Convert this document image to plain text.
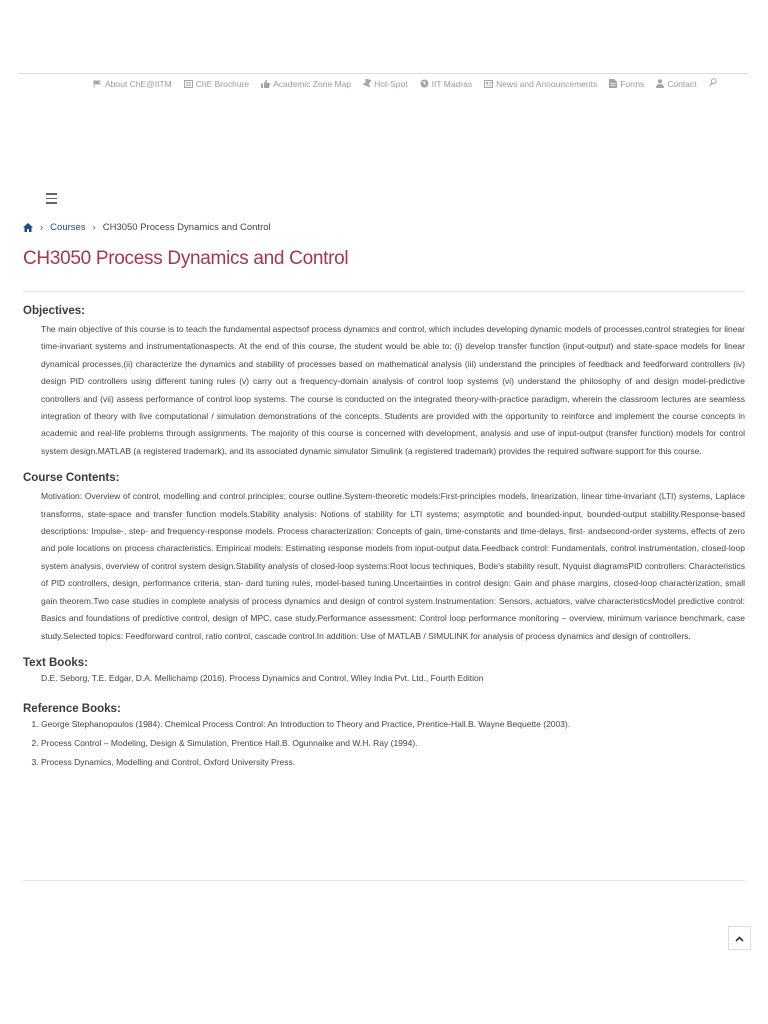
About ChE@IITM	ChE Brochure	Academic Zone Map	Hot-Spot	IIT Madras	News and Announcements	Forms	Contact
› Courses › CH3050 Process Dynamics and Control
CH3050 Process Dynamics and Control
Objectives:

The main objective of this course is to teach the fundamental aspectsof process dynamics and control, which includes developing dynamic models of processes,control strategies for linear time-invariant systems and instrumentationaspects. At the end of this course, the student would be able to: (i) develop transfer function (input-output) and state-space models for linear dynamical processes,(ii) characterize the dynamics and stability of processes based on mathematical analysis (iii) understand the principles of feedback and feedforward controllers (iv) design PID controllers using different tuning rules (v) carry out a frequency-domain analysis of control loop systems (vi) understand the philosophy of and design model-predictive controllers and (vii) assess performance of control loop systems. The course is conducted on the integrated theory-with-practice paradigm, wherein the classroom lectures are seamless integration of theory with live computational / simulation demonstrations of the concepts. Students are provided with the opportunity to reinforce and implement the course concepts in academic and real-life problems through assignments. The majority of this course is concerned with development, analysis and use of input-output (transfer function) models for control system design.MATLAB (a registered trademark), and its associated dynamic simulator Simulink (a registered trademark) provides the required software support for this course.

Course Contents:

Motivation: Overview of control, modelling and control principles; course outline.System-theoretic models:First-principles models, linearization, linear time-invariant (LTI) systems, Laplace transforms, state-space and transfer function models.Stability analysis: Notions of stability for LTI systems; asymptotic and bounded-input, bounded-output stability.Response-based descriptions: Impulse-, step- and frequency-response models. Process characterization: Concepts of gain, time-constants and time-delays, first- andsecond-order systems, effects of zero and pole locations on process characteristics. Empirical models: Estimating response models from input-output data.Feedback control: Fundamentals, control instrumentation, closed-loop system analysis, overview of control system design.Stability analysis of closed-loop systems:Root locus techniques, Bode's stability result, Nyquist diagramsPID controllers: Characteristics of PID controllers, design, performance criteria, stan- dard tuning rules, model-based tuning.Uncertainties in control design: Gain and phase margins, closed-loop characterization, small gain theorem.Two case studies in complete analysis of process dynamics and design of control system.Instrumentation: Sensors, actuators, valve characteristicsModel predictive control: Basics and foundations of predictive control, design of MPC, case study.Performance assessment: Control loop performance monitoring – overview, minimum variance benchmark, case study.Selected topics: Feedforward control, ratio control, cascade control.In addition: Use of MATLAB / SIMULINK for analysis of process dynamics and design of controllers.

Text Books:
D.E. Seborg, T.E. Edgar, D.A. Mellichamp (2016). Process Dynamics and Control, Wiley India Pvt. Ltd., Fourth Edition
Reference Books:
1. George Stephanopoulos (1984). Chemical Process Control: An Introduction to Theory and Practice, Prentice-Hall.B. Wayne Bequette (2003).
2. Process Control – Modeling, Design & Simulation, Prentice Hall.B. Ogunnaike and W.H. Ray (1994).
3. Process Dynamics, Modelling and Control, Oxford University Press.
